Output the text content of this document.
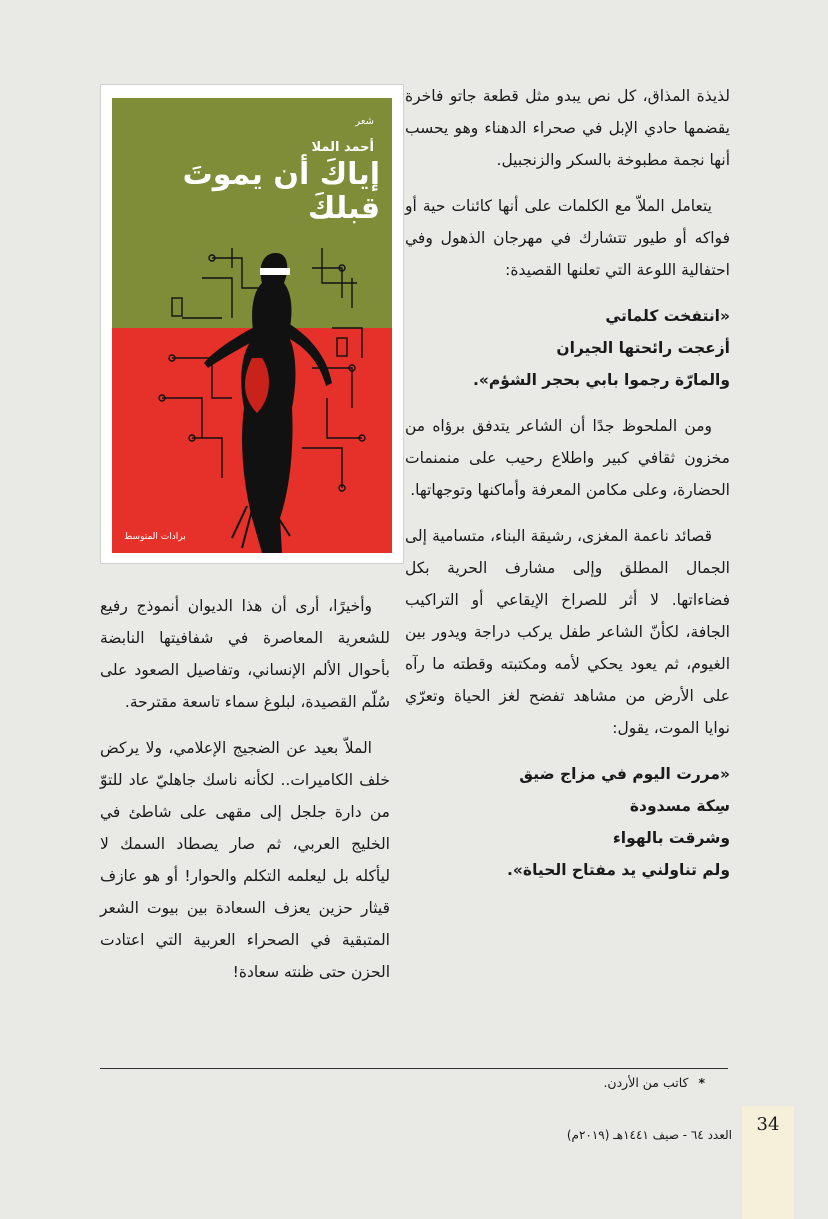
لذيذة المذاق، كل نص يبدو مثل قطعة جاتو فاخرة يقضمها حادي الإبل في صحراء الدهناء وهو يحسب أنها نجمة مطبوخة بالسكر والزنجبيل.

يتعامل الملاّ مع الكلمات على أنها كائنات حية أو فواكه أو طيور تتشارك في مهرجان الذهول وفي احتفالية اللوعة التي تعلنها القصيدة:

«انتفخت كلماتي
أزعجت رائحتها الجيران
والمارّة رجموا بابي بحجر الشؤم».

ومن الملحوظ جدًا أن الشاعر يتدفق برؤاه من مخزون ثقافي كبير واطلاع رحيب على منمنمات الحضارة، وعلى مكامن المعرفة وأماكنها وتوجهاتها.

قصائد ناعمة المغزى، رشيقة البناء، متسامية إلى الجمال المطلق وإلى مشارف الحرية بكل فضاءاتها. لا أثر للصراخ الإيقاعي أو التراكيب الجافة، لكأنّ الشاعر طفل يركب دراجة ويدور بين الغيوم، ثم يعود يحكي لأمه ومكتبته وقطته ما رآه على الأرض من مشاهد تفضح لغز الحياة وتعرّي نوايا الموت، يقول:

«مررت اليوم في مزاج ضيق
سِكة مسدودة
وشرقت بالهواء
ولم تناولني يد مفتاح الحياة».
شعر
أحمد الملا
إياكَ أن يموتَ قبلكَ
برادات المتوسط

وأخيرًا، أرى أن هذا الديوان أنموذج رفيع للشعرية المعاصرة في شفافيتها النابضة بأحوال الألم الإنساني، وتفاصيل الصعود على سُلّم القصيدة، لبلوغ سماء تاسعة مقترحة.

الملاّ بعيد عن الضجيج الإعلامي، ولا يركض خلف الكاميرات.. لكأنه ناسك جاهليّ عاد للتوّ من دارة جلجل إلى مقهى على شاطئ في الخليج العربي، ثم صار يصطاد السمك لا ليأكله بل ليعلمه التكلم والحوار! أو هو عازف قيثار حزين يعزف السعادة بين بيوت الشعر المتبقية في الصحراء العربية التي اعتادت الحزن حتى ظنته سعادة!

* كاتب من الأردن.
العدد ٦٤ - صيف ١٤٤١هـ (٢٠١٩م)	34
